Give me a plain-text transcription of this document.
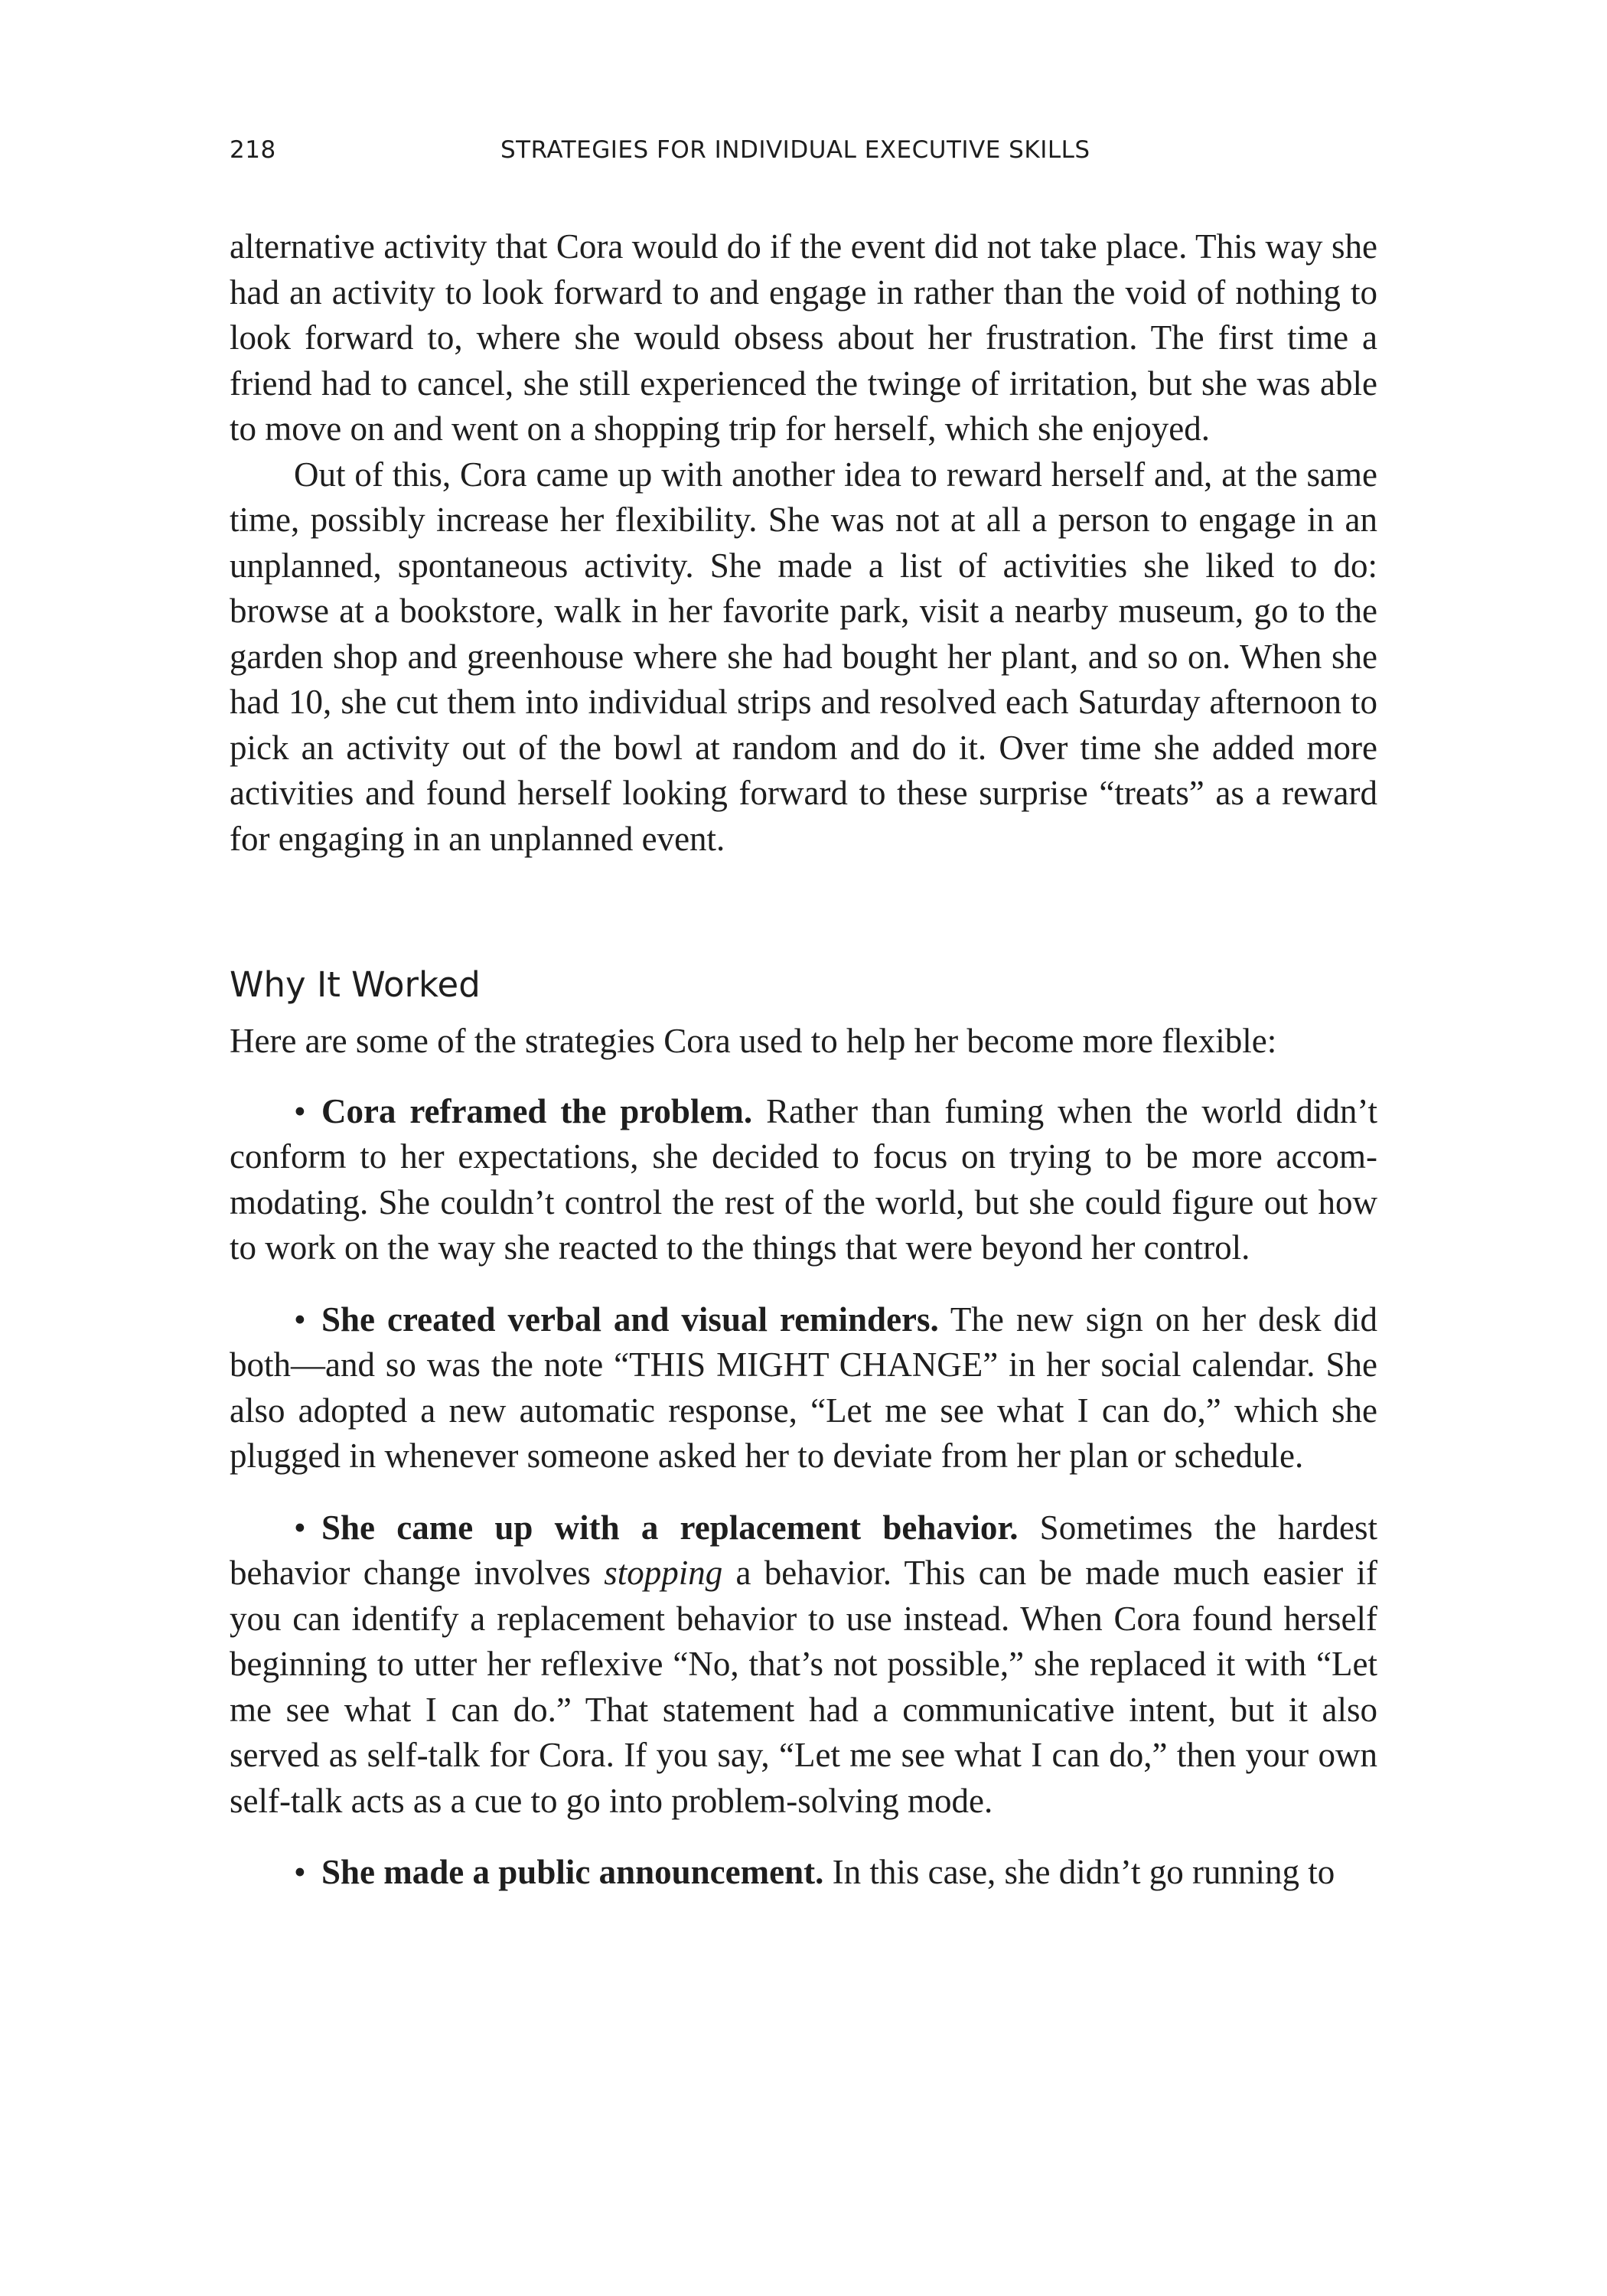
218	STRATEGIES FOR INDIVIDUAL EXECUTIVE SKILLS

alternative activity that Cora would do if the event did not take place. This way she had an activity to look forward to and engage in rather than the void of nothing to look forward to, where she would obsess about her frustration. The first time a friend had to cancel, she still experienced the twinge of irritation, but she was able to move on and went on a shopping trip for herself, which she enjoyed.

Out of this, Cora came up with another idea to reward herself and, at the same time, possibly increase her flexibility. She was not at all a person to engage in an unplanned, spontaneous activity. She made a list of activities she liked to do: browse at a bookstore, walk in her favorite park, visit a nearby museum, go to the garden shop and greenhouse where she had bought her plant, and so on. When she had 10, she cut them into individual strips and resolved each Saturday afternoon to pick an activity out of the bowl at random and do it. Over time she added more activities and found herself looking forward to these surprise “treats” as a reward for engaging in an unplanned event.

Why It Worked

Here are some of the strategies Cora used to help her become more flexible:

• Cora reframed the problem. Rather than fuming when the world didn’t conform to her expectations, she decided to focus on trying to be more accommodating. She couldn’t control the rest of the world, but she could figure out how to work on the way she reacted to the things that were beyond her control.

• She created verbal and visual reminders. The new sign on her desk did both—and so was the note “THIS MIGHT CHANGE” in her social calendar. She also adopted a new automatic response, “Let me see what I can do,” which she plugged in whenever someone asked her to deviate from her plan or schedule.

• She came up with a replacement behavior. Sometimes the hardest behavior change involves stopping a behavior. This can be made much easier if you can identify a replacement behavior to use instead. When Cora found herself beginning to utter her reflexive “No, that’s not possible,” she replaced it with “Let me see what I can do.” That statement had a communicative intent, but it also served as self-talk for Cora. If you say, “Let me see what I can do,” then your own self-talk acts as a cue to go into problem-solving mode.

• She made a public announcement. In this case, she didn’t go running to
